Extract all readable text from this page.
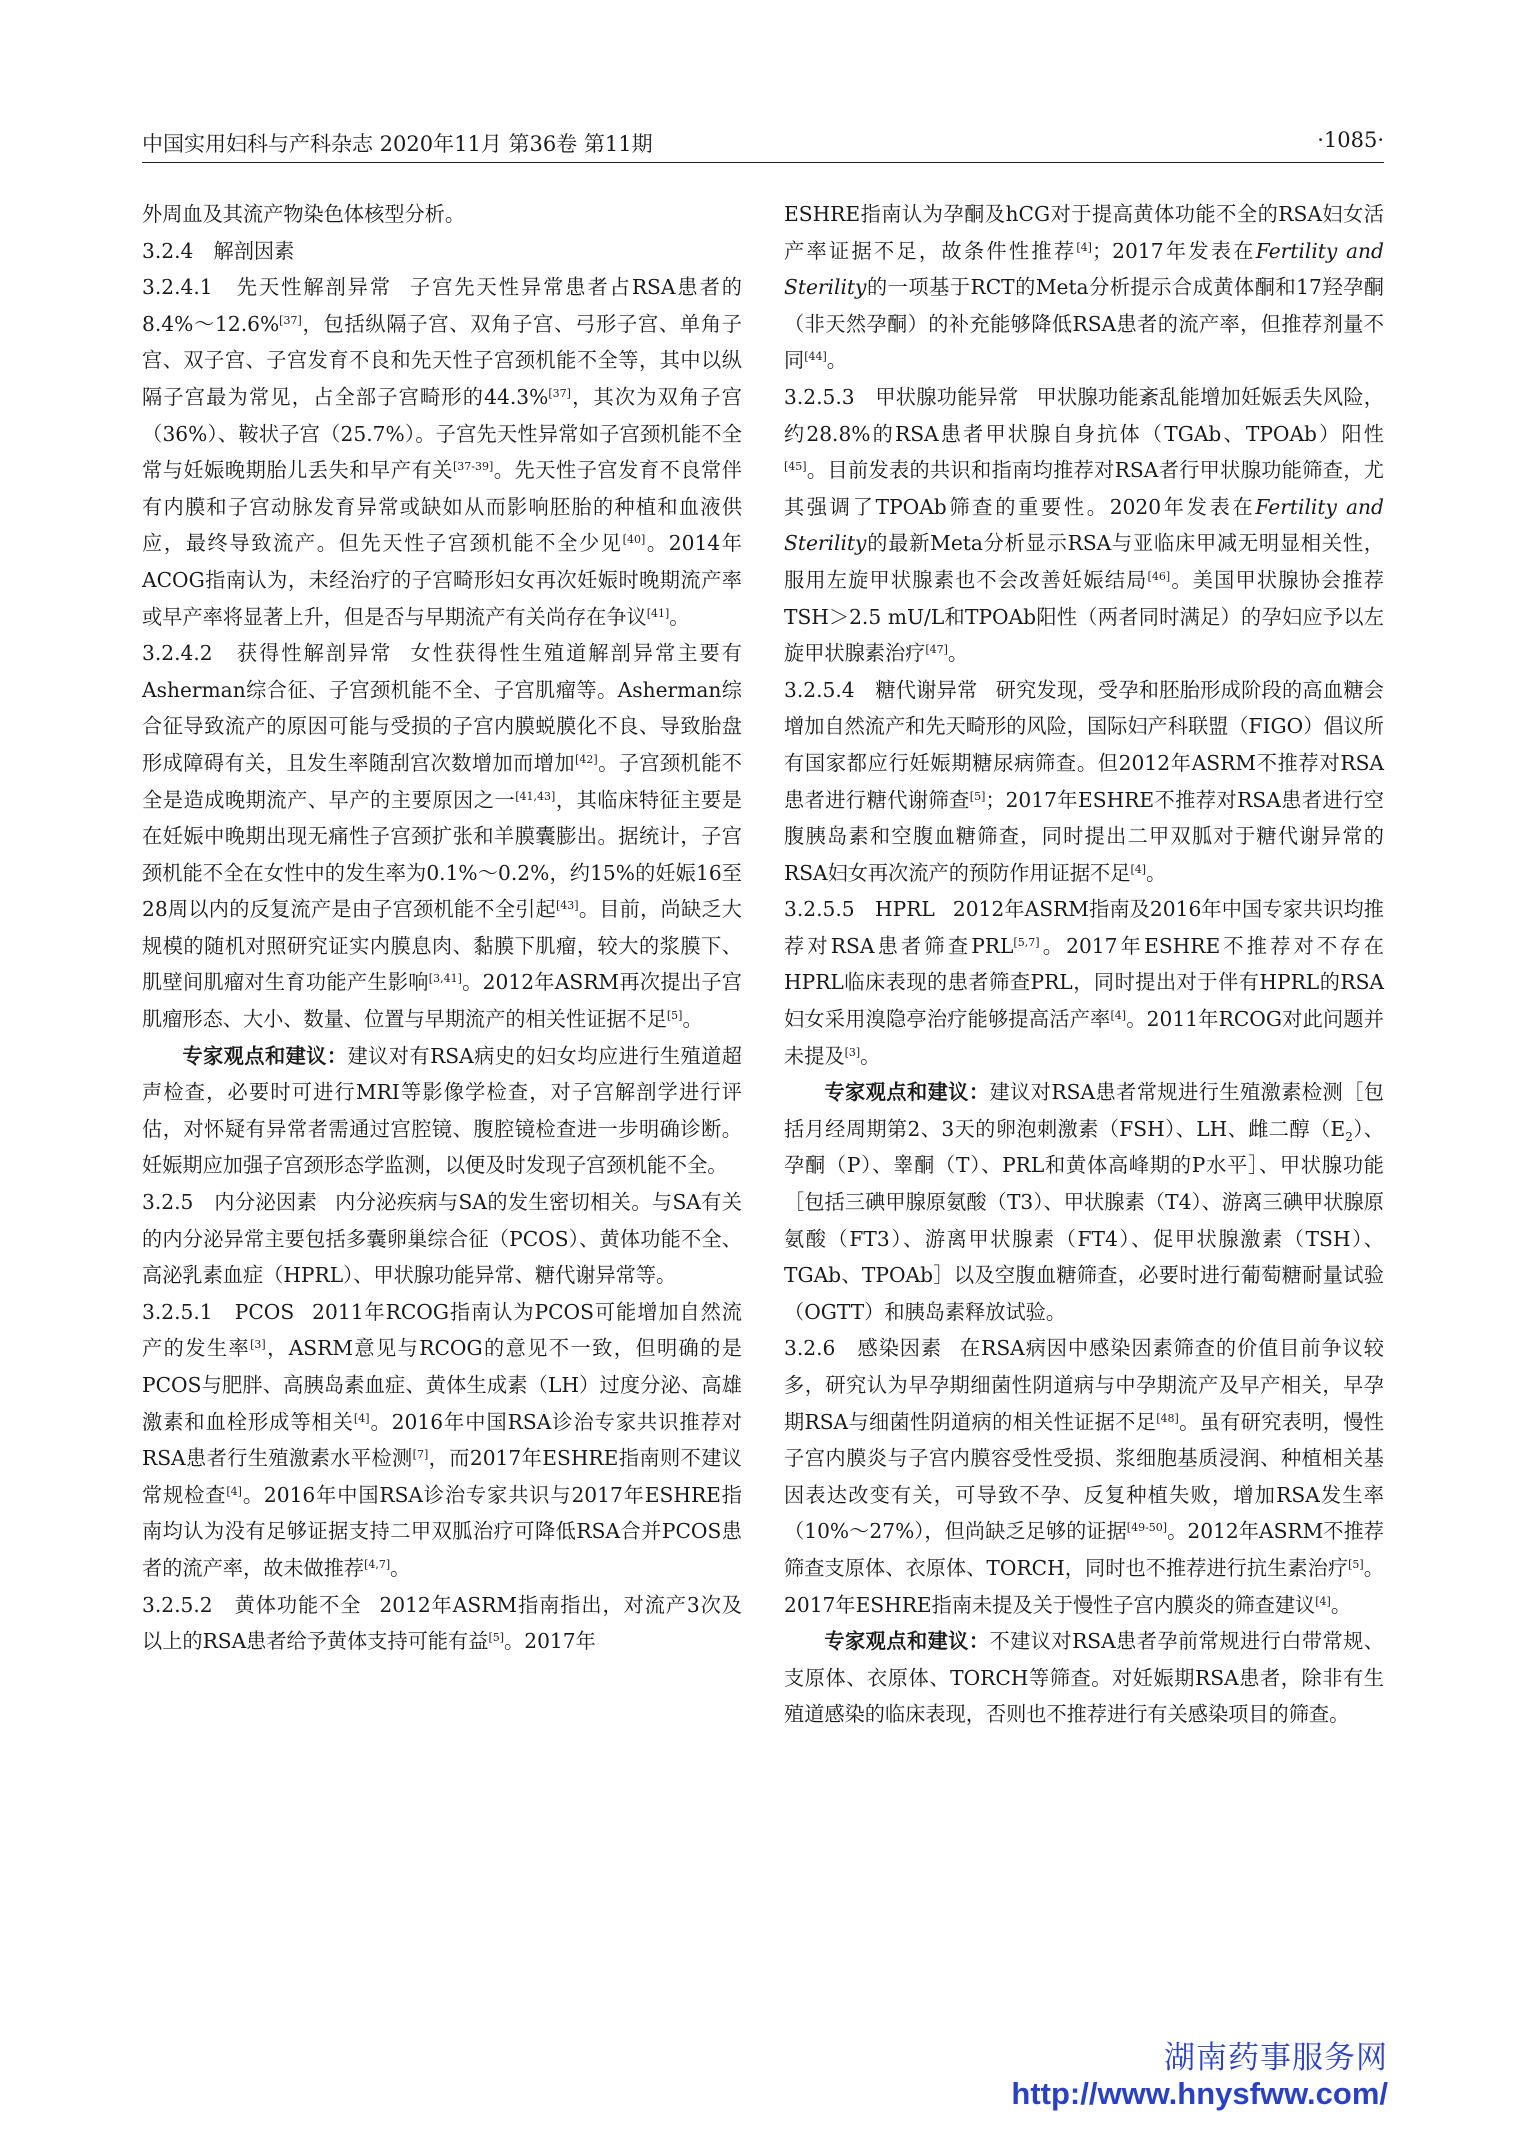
中国实用妇科与产科杂志 2020年11月 第36卷 第11期	·1085·

外周血及其流产物染色体核型分析。

3.2.4　解剖因素

3.2.4.1　先天性解剖异常 子宫先天性异常患者占RSA患者的8.4%～12.6%[37]，包括纵隔子宫、双角子宫、弓形子宫、单角子宫、双子宫、子宫发育不良和先天性子宫颈机能不全等，其中以纵隔子宫最为常见，占全部子宫畸形的44.3%[37]，其次为双角子宫（36%）、鞍状子宫（25.7%）。子宫先天性异常如子宫颈机能不全常与妊娠晚期胎儿丢失和早产有关[37-39]。先天性子宫发育不良常伴有内膜和子宫动脉发育异常或缺如从而影响胚胎的种植和血液供应，最终导致流产。但先天性子宫颈机能不全少见[40]。2014年ACOG指南认为，未经治疗的子宫畸形妇女再次妊娠时晚期流产率或早产率将显著上升，但是否与早期流产有关尚存在争议[41]。

3.2.4.2　获得性解剖异常 女性获得性生殖道解剖异常主要有Asherman综合征、子宫颈机能不全、子宫肌瘤等。Asherman综合征导致流产的原因可能与受损的子宫内膜蜕膜化不良、导致胎盘形成障碍有关，且发生率随刮宫次数增加而增加[42]。子宫颈机能不全是造成晚期流产、早产的主要原因之一[41,43]，其临床特征主要是在妊娠中晚期出现无痛性子宫颈扩张和羊膜囊膨出。据统计，子宫颈机能不全在女性中的发生率为0.1%～0.2%，约15%的妊娠16至28周以内的反复流产是由子宫颈机能不全引起[43]。目前，尚缺乏大规模的随机对照研究证实内膜息肉、黏膜下肌瘤，较大的浆膜下、肌壁间肌瘤对生育功能产生影响[3,41]。2012年ASRM再次提出子宫肌瘤形态、大小、数量、位置与早期流产的相关性证据不足[5]。

专家观点和建议：建议对有RSA病史的妇女均应进行生殖道超声检查，必要时可进行MRI等影像学检查，对子宫解剖学进行评估，对怀疑有异常者需通过宫腔镜、腹腔镜检查进一步明确诊断。妊娠期应加强子宫颈形态学监测，以便及时发现子宫颈机能不全。

3.2.5　内分泌因素 内分泌疾病与SA的发生密切相关。与SA有关的内分泌异常主要包括多囊卵巢综合征（PCOS）、黄体功能不全、高泌乳素血症（HPRL）、甲状腺功能异常、糖代谢异常等。

3.2.5.1　PCOS 2011年RCOG指南认为PCOS可能增加自然流产的发生率[3]，ASRM意见与RCOG的意见不一致，但明确的是PCOS与肥胖、高胰岛素血症、黄体生成素（LH）过度分泌、高雄激素和血栓形成等相关[4]。2016年中国RSA诊治专家共识推荐对RSA患者行生殖激素水平检测[7]，而2017年ESHRE指南则不建议常规检查[4]。2016年中国RSA诊治专家共识与2017年ESHRE指南均认为没有足够证据支持二甲双胍治疗可降低RSA合并PCOS患者的流产率，故未做推荐[4,7]。

3.2.5.2　黄体功能不全 2012年ASRM指南指出，对流产3次及以上的RSA患者给予黄体支持可能有益[5]。2017年

ESHRE指南认为孕酮及hCG对于提高黄体功能不全的RSA妇女活产率证据不足，故条件性推荐[4]；2017年发表在Fertility and Sterility的一项基于RCT的Meta分析提示合成黄体酮和17羟孕酮（非天然孕酮）的补充能够降低RSA患者的流产率，但推荐剂量不同[44]。

3.2.5.3　甲状腺功能异常 甲状腺功能紊乱能增加妊娠丢失风险，约28.8%的RSA患者甲状腺自身抗体（TGAb、TPOAb）阳性[45]。目前发表的共识和指南均推荐对RSA者行甲状腺功能筛查，尤其强调了TPOAb筛查的重要性。2020年发表在Fertility and Sterility的最新Meta分析显示RSA与亚临床甲减无明显相关性，服用左旋甲状腺素也不会改善妊娠结局[46]。美国甲状腺协会推荐TSH＞2.5 mU/L和TPOAb阳性（两者同时满足）的孕妇应予以左旋甲状腺素治疗[47]。

3.2.5.4　糖代谢异常 研究发现，受孕和胚胎形成阶段的高血糖会增加自然流产和先天畸形的风险，国际妇产科联盟（FIGO）倡议所有国家都应行妊娠期糖尿病筛查。但2012年ASRM不推荐对RSA患者进行糖代谢筛查[5]；2017年ESHRE不推荐对RSA患者进行空腹胰岛素和空腹血糖筛查，同时提出二甲双胍对于糖代谢异常的RSA妇女再次流产的预防作用证据不足[4]。

3.2.5.5　HPRL 2012年ASRM指南及2016年中国专家共识均推荐对RSA患者筛查PRL[5,7]。2017年ESHRE不推荐对不存在HPRL临床表现的患者筛查PRL，同时提出对于伴有HPRL的RSA妇女采用溴隐亭治疗能够提高活产率[4]。2011年RCOG对此问题并未提及[3]。

专家观点和建议：建议对RSA患者常规进行生殖激素检测［包括月经周期第2、3天的卵泡刺激素（FSH）、LH、雌二醇$(E_2)$、孕酮（P）、睾酮（T）、PRL和黄体高峰期的P水平］、甲状腺功能［包括三碘甲腺原氨酸（T3）、甲状腺素（T4）、游离三碘甲状腺原氨酸（FT3）、游离甲状腺素（FT4）、促甲状腺激素（TSH）、TGAb、TPOAb］以及空腹血糖筛查，必要时进行葡萄糖耐量试验（OGTT）和胰岛素释放试验。

3.2.6　感染因素 在RSA病因中感染因素筛查的价值目前争议较多，研究认为早孕期细菌性阴道病与中孕期流产及早产相关，早孕期RSA与细菌性阴道病的相关性证据不足[48]。虽有研究表明，慢性子宫内膜炎与子宫内膜容受性受损、浆细胞基质浸润、种植相关基因表达改变有关，可导致不孕、反复种植失败，增加RSA发生率（10%～27%），但尚缺乏足够的证据[49-50]。2012年ASRM不推荐筛查支原体、衣原体、TORCH，同时也不推荐进行抗生素治疗[5]。2017年ESHRE指南未提及关于慢性子宫内膜炎的筛查建议[4]。

专家观点和建议：不建议对RSA患者孕前常规进行白带常规、支原体、衣原体、TORCH等筛查。对妊娠期RSA患者，除非有生殖道感染的临床表现，否则也不推荐进行有关感染项目的筛查。

湖南药事服务网
http://www.hnysfww.com/
